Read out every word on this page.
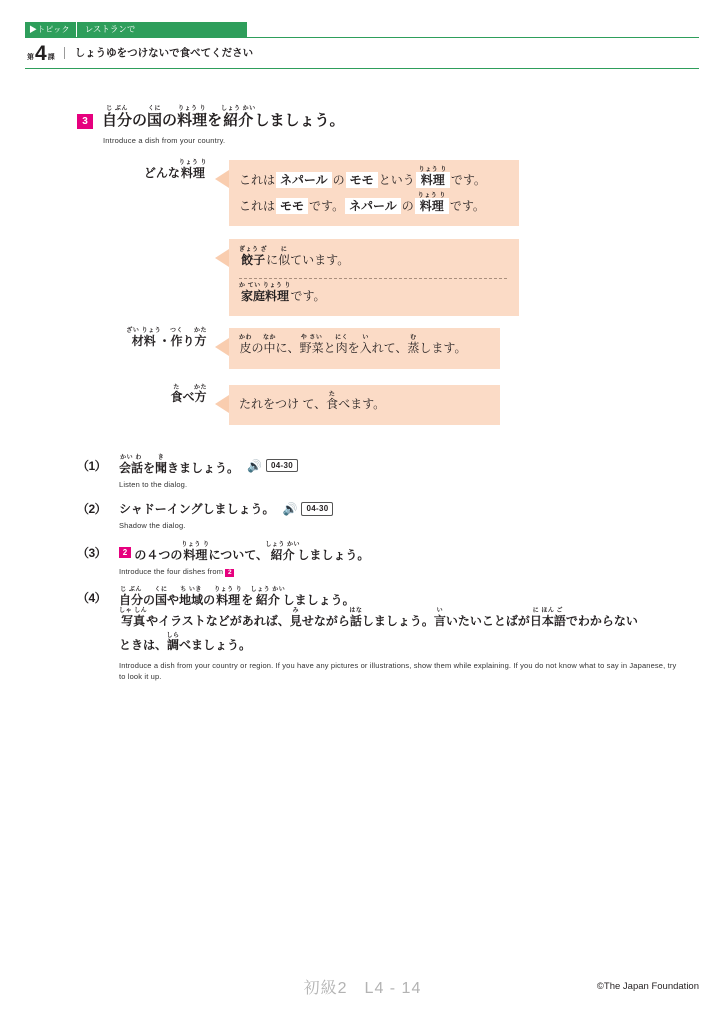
▶トピック	レストランで
第 4 課	しょうゆをつけないで食べてください
3 自分じ ぶんの国くにの料理りょう りを紹介しょう かいしましょう。
Introduce a dish from your country.
どんな料理りょう り
これは ネパール の モモ という 料理りょう りです。
これは モモ です。 ネパール の 料理りょう りです。
餃子ぎょう ざに似にています。
家庭料理か てい りょう りです。
材料ざい りょう・作つくり方かた
皮かわの中なかに、野菜や さいと肉にくを入いれて、蒸むします。
食たべ方かた
たれをつけ て、食たべます。
（1）	会話かい わを聞ききましょう。 🔊	04-30
Listen to the dialog.
（2）	シャドーイングしましょう。 🔊	04-30
Shadow the dialog.
（3）	2 の４つの料理りょう りについて、紹介しょう かいしましょう。
Introduce the four dishes from 2
（4）	自分じ ぶんの国くにや地域ち いきの料理りょう りを紹介しょう かいしましょう。
写真しゃ しんやイラストなどがあれば、見みせながら話はなしましょう。言いいたいことばが日本語に ほん ごでわからない
ときは、調しらべましょう。
Introduce a dish from your country or region. If you have any pictures or illustrations, show them while explaining. If you do not know what to say in Japanese, try to look it up.
初級2　L4 - 14	©The Japan Foundation
